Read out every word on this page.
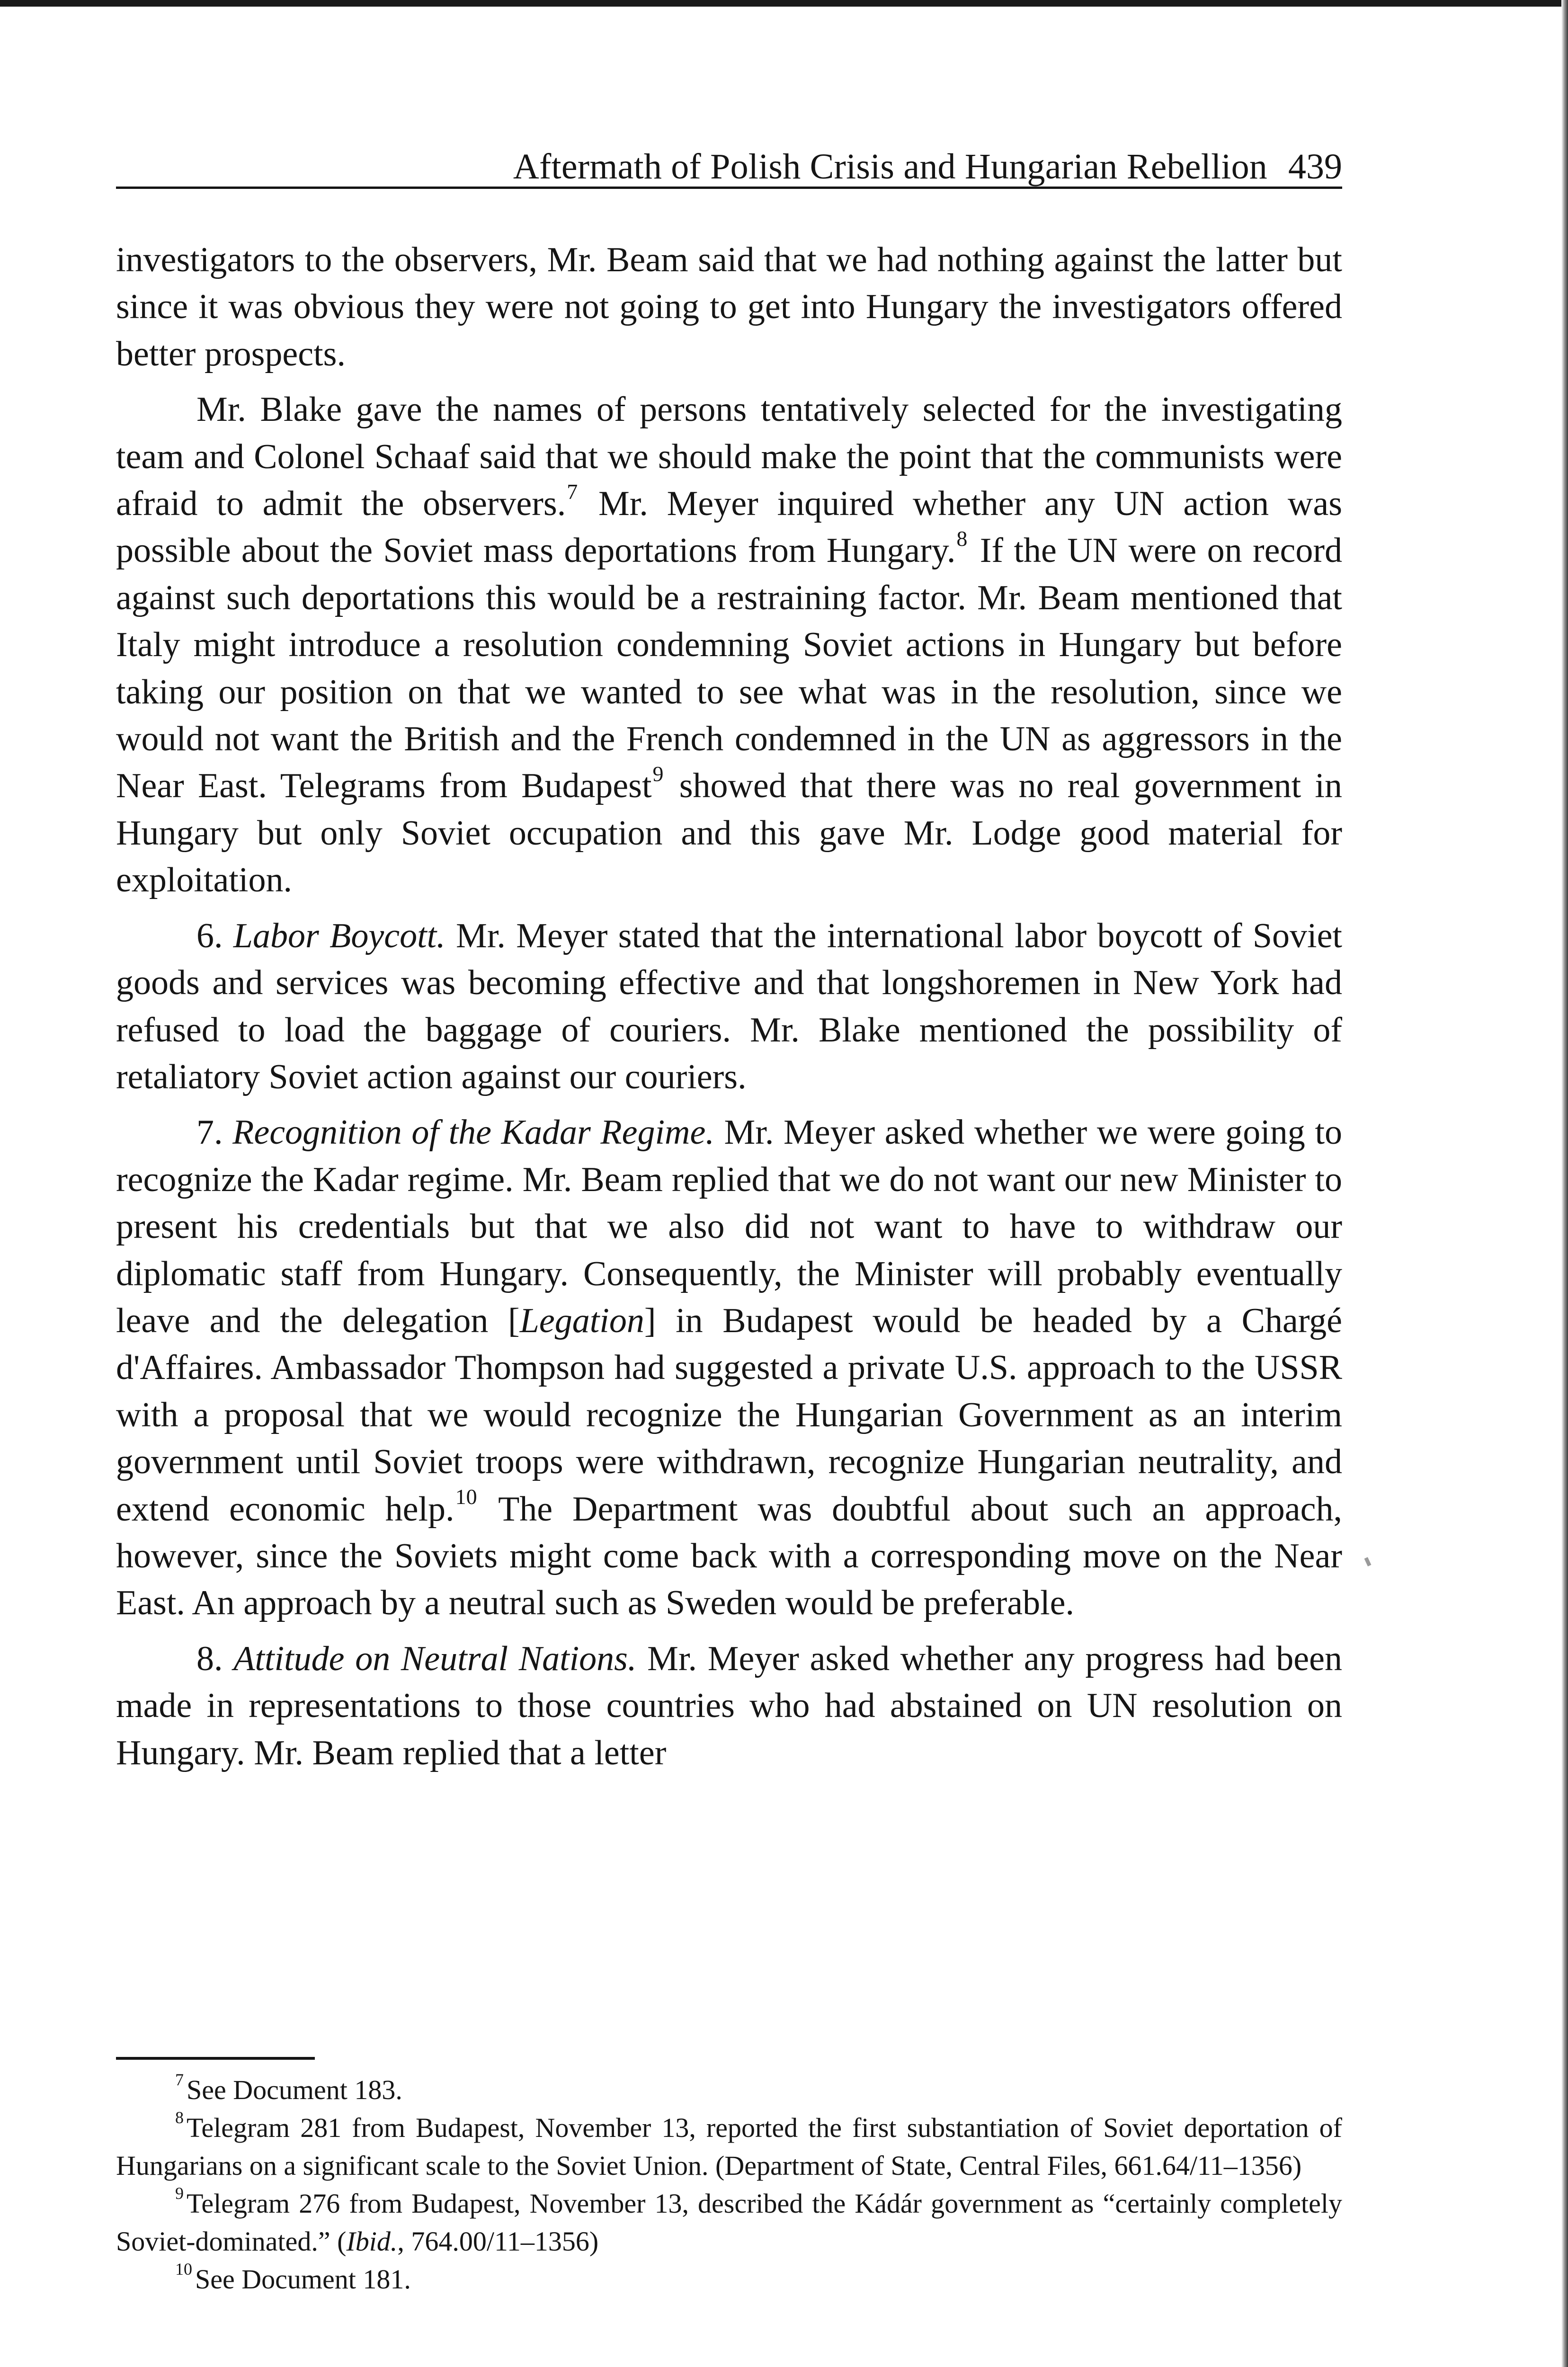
Aftermath of Polish Crisis and Hungarian Rebellion 439

investigators to the observers, Mr. Beam said that we had nothing against the latter but since it was obvious they were not going to get into Hungary the investigators offered better prospects.

Mr. Blake gave the names of persons tentatively selected for the investigating team and Colonel Schaaf said that we should make the point that the communists were afraid to admit the observers.$^7$ Mr. Meyer inquired whether any UN action was possible about the Soviet mass deportations from Hungary.$^8$ If the UN were on record against such deportations this would be a restraining factor. Mr. Beam mentioned that Italy might introduce a resolution condemning Soviet actions in Hungary but before taking our position on that we wanted to see what was in the resolution, since we would not want the British and the French condemned in the UN as aggressors in the Near East. Telegrams from Budapest$^9$ showed that there was no real government in Hungary but only Soviet occupation and this gave Mr. Lodge good material for exploitation.

6. Labor Boycott. Mr. Meyer stated that the international labor boycott of Soviet goods and services was becoming effective and that longshoremen in New York had refused to load the baggage of couriers. Mr. Blake mentioned the possibility of retaliatory Soviet action against our couriers.

7. Recognition of the Kadar Regime. Mr. Meyer asked whether we were going to recognize the Kadar regime. Mr. Beam replied that we do not want our new Minister to present his credentials but that we also did not want to have to withdraw our diplomatic staff from Hungary. Consequently, the Minister will probably eventually leave and the delegation [Legation] in Budapest would be headed by a Chargé d'Affaires. Ambassador Thompson had suggested a private U.S. approach to the USSR with a proposal that we would recognize the Hungarian Government as an interim government until Soviet troops were withdrawn, recognize Hungarian neutrality, and extend economic help.$^{10}$ The Department was doubtful about such an approach, however, since the Soviets might come back with a corresponding move on the Near East. An approach by a neutral such as Sweden would be preferable.

8. Attitude on Neutral Nations. Mr. Meyer asked whether any progress had been made in representations to those countries who had abstained on UN resolution on Hungary. Mr. Beam replied that a letter

$^7$ See Document 183.

$^8$ Telegram 281 from Budapest, November 13, reported the first substantiation of Soviet deportation of Hungarians on a significant scale to the Soviet Union. (Department of State, Central Files, 661.64/11–1356)

$^9$ Telegram 276 from Budapest, November 13, described the Kádár government as “certainly completely Soviet-dominated.” (Ibid., 764.00/11–1356)

$^{10}$ See Document 181.
